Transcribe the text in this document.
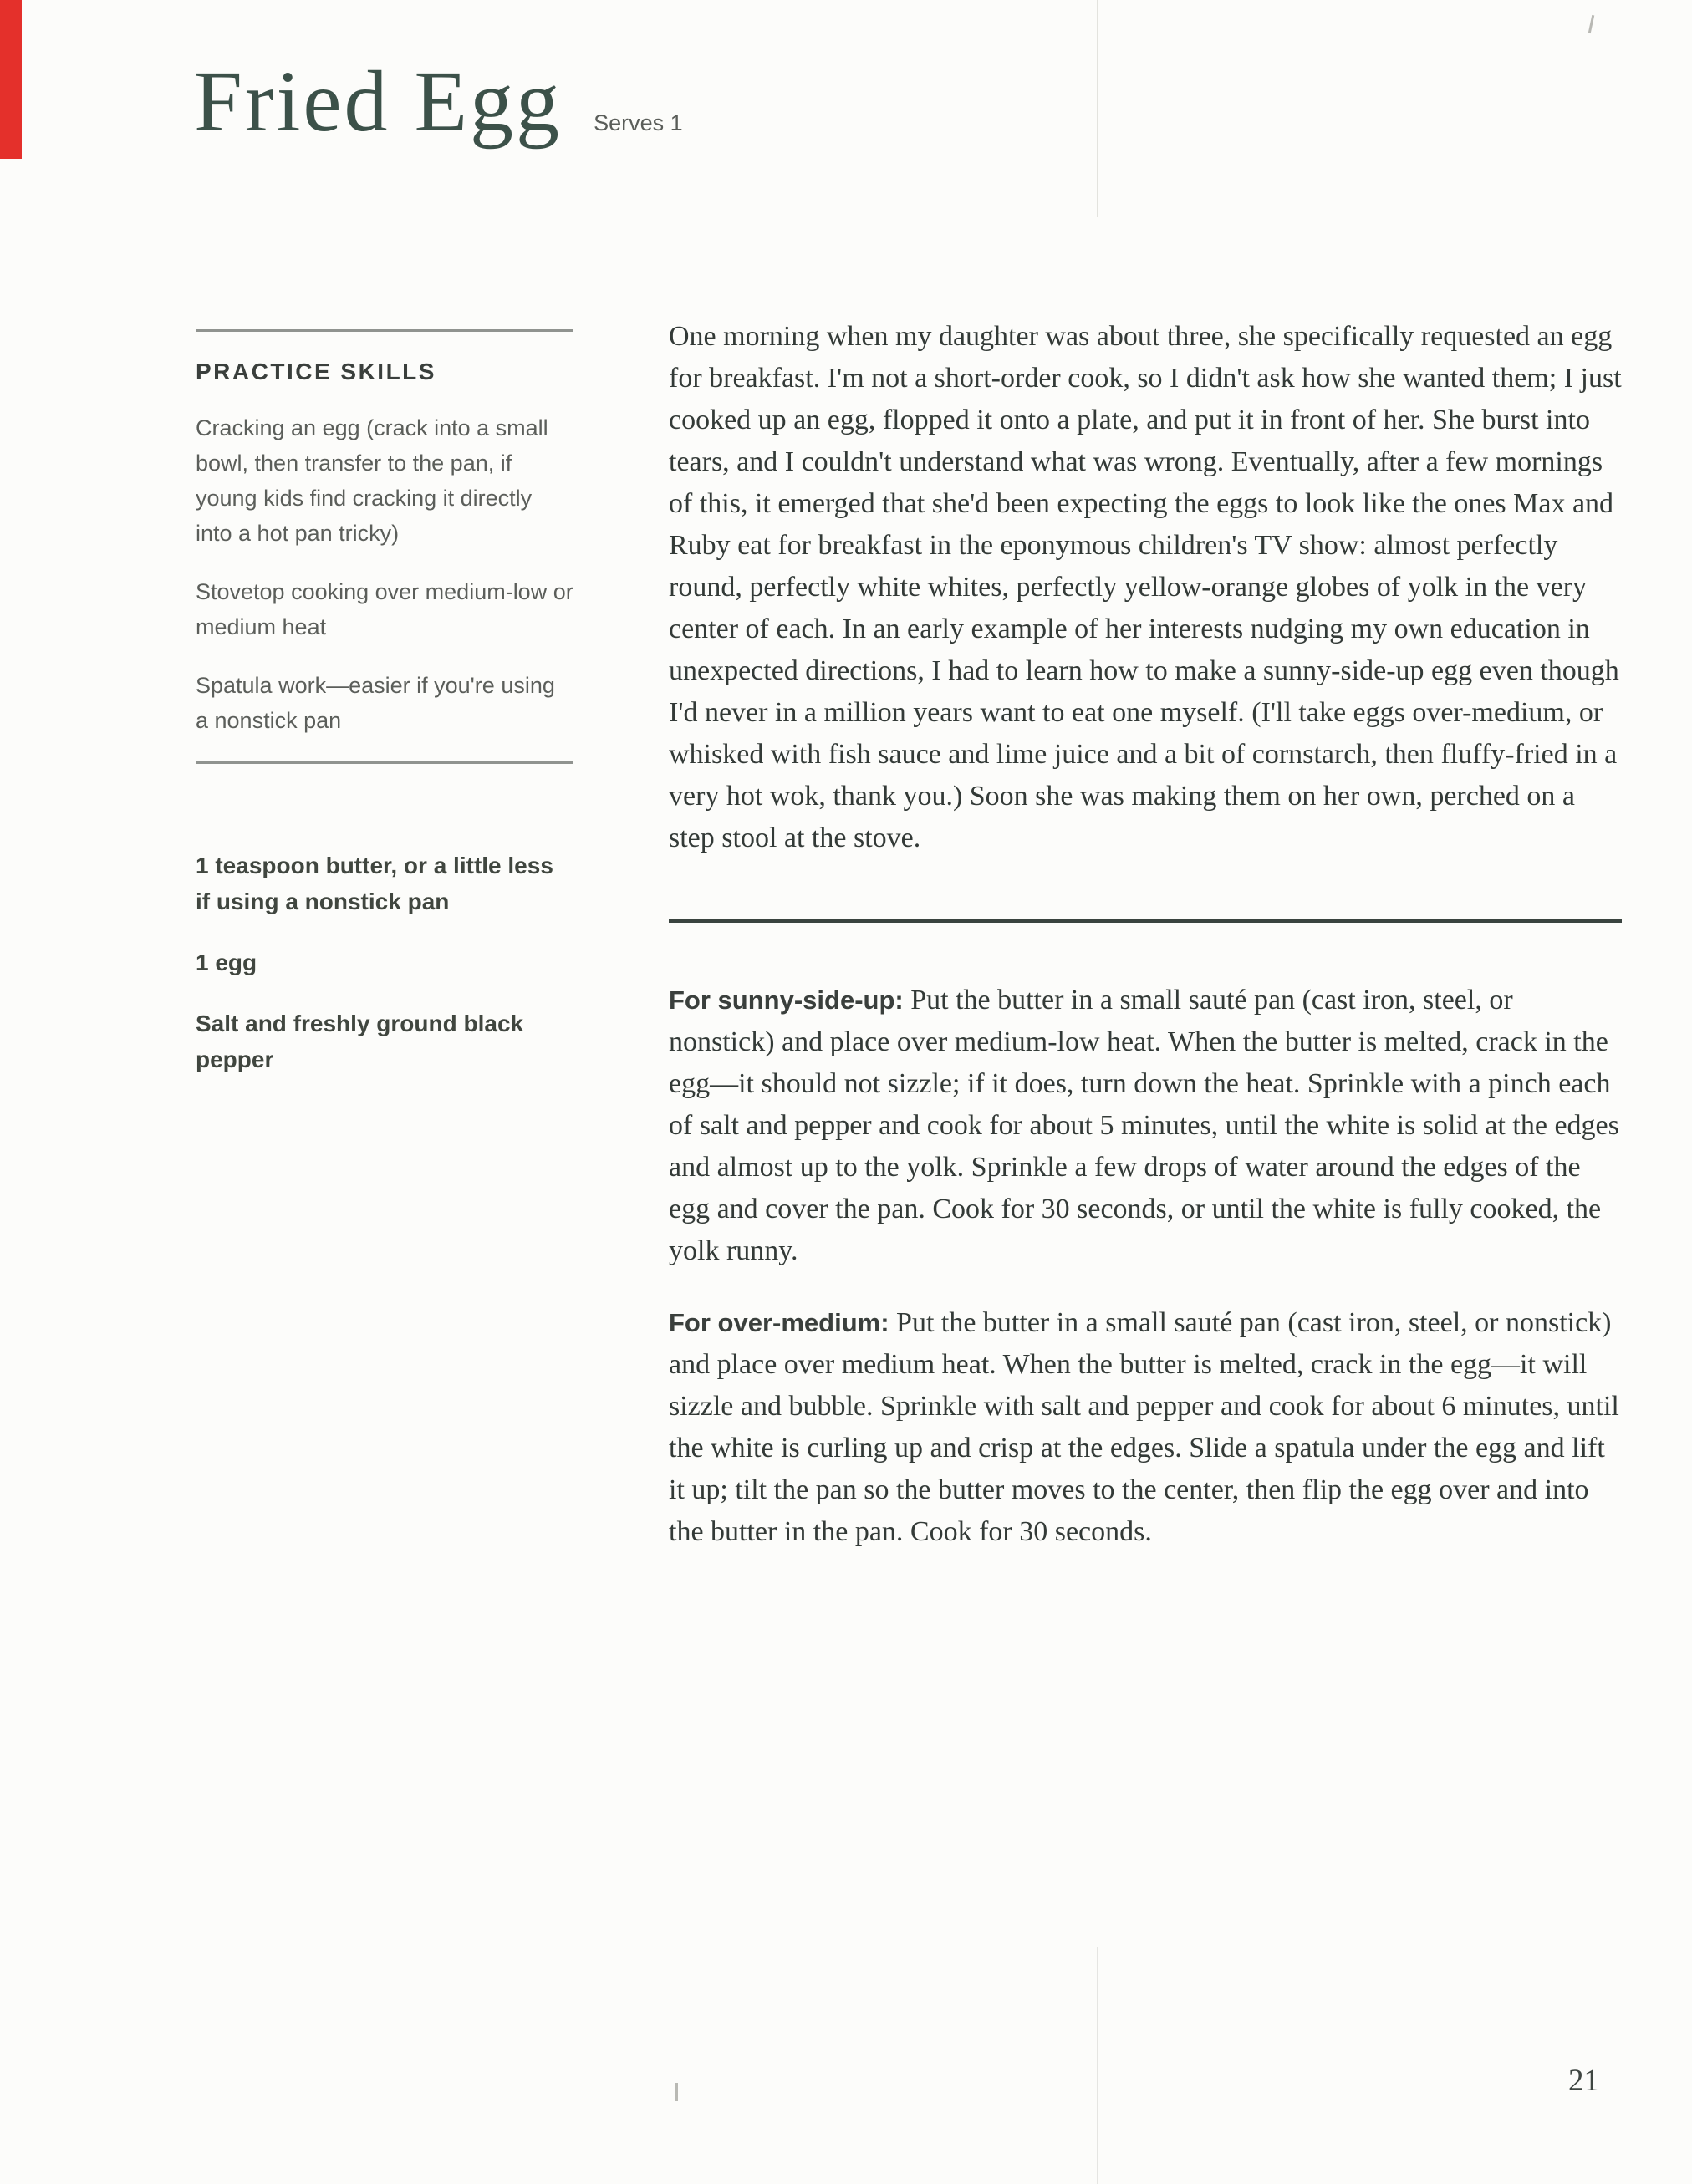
Fried Egg Serves 1
PRACTICE SKILLS

Cracking an egg (crack into a small bowl, then transfer to the pan, if young kids find cracking it directly into a hot pan tricky)

Stovetop cooking over medium-low or medium heat

Spatula work—easier if you're using a nonstick pan

1 teaspoon butter, or a little less if using a nonstick pan

1 egg

Salt and freshly ground black pepper

One morning when my daughter was about three, she specifically requested an egg for breakfast. I'm not a short-order cook, so I didn't ask how she wanted them; I just cooked up an egg, flopped it onto a plate, and put it in front of her. She burst into tears, and I couldn't understand what was wrong. Eventually, after a few mornings of this, it emerged that she'd been expecting the eggs to look like the ones Max and Ruby eat for breakfast in the eponymous children's TV show: almost perfectly round, perfectly white whites, perfectly yellow-orange globes of yolk in the very center of each. In an early example of her interests nudging my own education in unexpected directions, I had to learn how to make a sunny-side-up egg even though I'd never in a million years want to eat one myself. (I'll take eggs over-medium, or whisked with fish sauce and lime juice and a bit of cornstarch, then fluffy-fried in a very hot wok, thank you.) Soon she was making them on her own, perched on a step stool at the stove.

For sunny-side-up: Put the butter in a small sauté pan (cast iron, steel, or nonstick) and place over medium-low heat. When the butter is melted, crack in the egg—it should not sizzle; if it does, turn down the heat. Sprinkle with a pinch each of salt and pepper and cook for about 5 minutes, until the white is solid at the edges and almost up to the yolk. Sprinkle a few drops of water around the edges of the egg and cover the pan. Cook for 30 seconds, or until the white is fully cooked, the yolk runny.

For over-medium: Put the butter in a small sauté pan (cast iron, steel, or nonstick) and place over medium heat. When the butter is melted, crack in the egg—it will sizzle and bubble. Sprinkle with salt and pepper and cook for about 6 minutes, until the white is curling up and crisp at the edges. Slide a spatula under the egg and lift it up; tilt the pan so the butter moves to the center, then flip the egg over and into the butter in the pan. Cook for 30 seconds.

21
